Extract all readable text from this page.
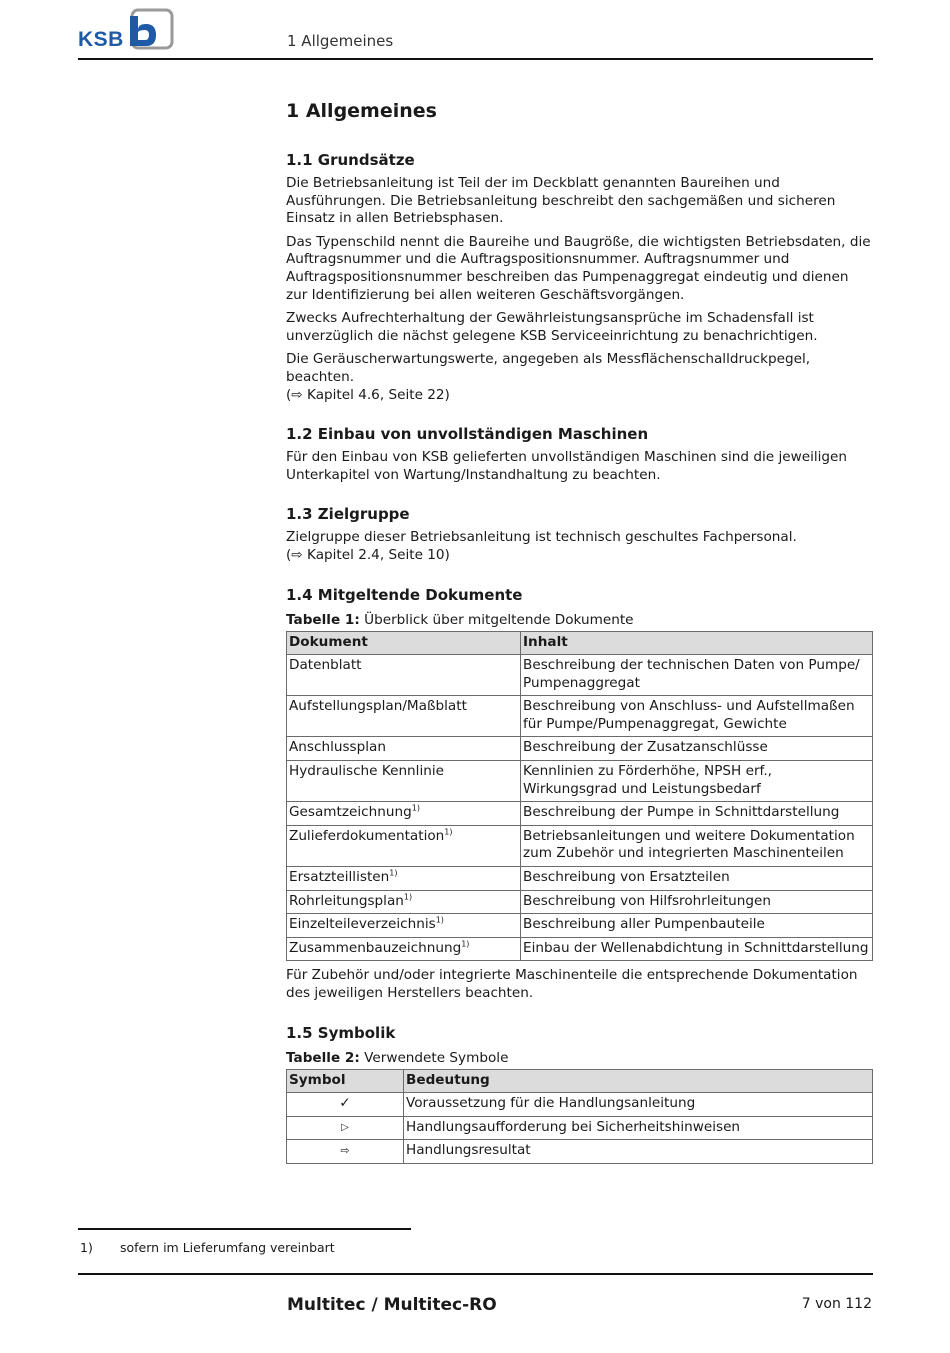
KSB	1 Allgemeines
1 Allgemeines
1.1 Grundsätze

Die Betriebsanleitung ist Teil der im Deckblatt genannten Baureihen und Ausführungen. Die Betriebsanleitung beschreibt den sachgemäßen und sicheren Einsatz in allen Betriebsphasen.

Das Typenschild nennt die Baureihe und Baugröße, die wichtigsten Betriebsdaten, die Auftragsnummer und die Auftragspositionsnummer. Auftragsnummer und Auftragspositionsnummer beschreiben das Pumpenaggregat eindeutig und dienen zur Identifizierung bei allen weiteren Geschäftsvorgängen.

Zwecks Aufrechterhaltung der Gewährleistungsansprüche im Schadensfall ist unverzüglich die nächst gelegene KSB Serviceeinrichtung zu benachrichtigen.

Die Geräuscherwartungswerte, angegeben als Messflächenschalldruckpegel, beachten.
(⇨ Kapitel 4.6, Seite 22)

1.2 Einbau von unvollständigen Maschinen

Für den Einbau von KSB gelieferten unvollständigen Maschinen sind die jeweiligen Unterkapitel von Wartung/Instandhaltung zu beachten.

1.3 Zielgruppe

Zielgruppe dieser Betriebsanleitung ist technisch geschultes Fachpersonal.
(⇨ Kapitel 2.4, Seite 10)

1.4 Mitgeltende Dokumente
Tabelle 1: Überblick über mitgeltende Dokumente
Dokument	Inhalt
Datenblatt	Beschreibung der technischen Daten von Pumpe/ Pumpenaggregat
Aufstellungsplan/Maßblatt	Beschreibung von Anschluss- und Aufstellmaßen für Pumpe/Pumpenaggregat, Gewichte
Anschlussplan	Beschreibung der Zusatzanschlüsse
Hydraulische Kennlinie	Kennlinien zu Förderhöhe, NPSH erf., Wirkungsgrad und Leistungsbedarf
Gesamtzeichnung$^{1)}$	Beschreibung der Pumpe in Schnittdarstellung
Zulieferdokumentation$^{1)}$	Betriebsanleitungen und weitere Dokumentation zum Zubehör und integrierten Maschinenteilen
Ersatzteillisten$^{1)}$	Beschreibung von Ersatzteilen
Rohrleitungsplan$^{1)}$	Beschreibung von Hilfsrohrleitungen
Einzelteileverzeichnis$^{1)}$	Beschreibung aller Pumpenbauteile
Zusammenbauzeichnung$^{1)}$	Einbau der Wellenabdichtung in Schnittdarstellung

Für Zubehör und/oder integrierte Maschinenteile die entsprechende Dokumentation des jeweiligen Herstellers beachten.

1.5 Symbolik
Tabelle 2: Verwendete Symbole
Symbol	Bedeutung
✓	Voraussetzung für die Handlungsanleitung
▷	Handlungsaufforderung bei Sicherheitshinweisen
⇨	Handlungsresultat
1) sofern im Lieferumfang vereinbart
Multitec / Multitec-RO	7 von 112
